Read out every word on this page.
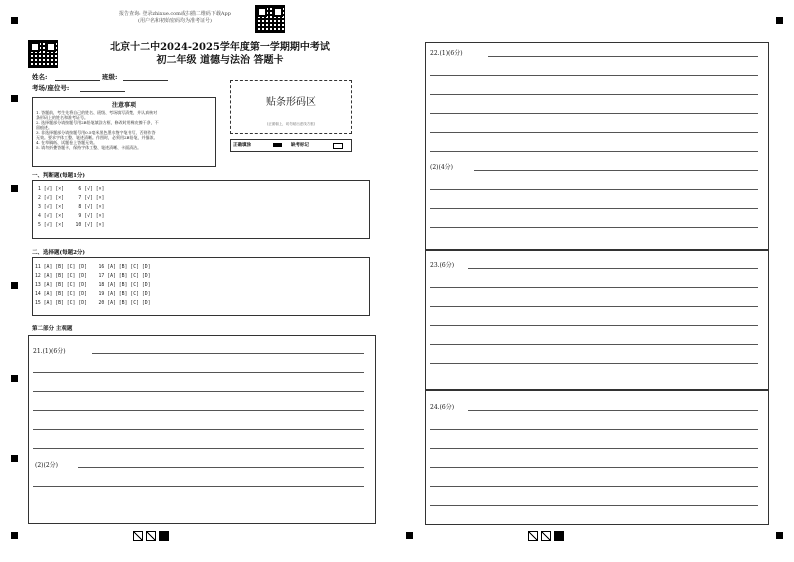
报告查询: 登录zhixue.com或扫描二维码下载App
(用户名和初始密码均为准考证号)
北京十二中2024-2025学年度第一学期期中考试
初二年级 道德与法治 答题卡
姓名:	班级:
考场/座位号:
贴条形码区
(正面朝上，切勿贴出虚线方框)
正确填涂	缺考标记
注意事项
1. 答题前，考生先将自己的姓名、班级、考场填写清楚，并认真核对
条形码上的姓名和准考证号。
2. 选择题部分请按题号用2B铅笔填涂方框，修改时用橡皮擦干净，不
留痕迹。
3. 非选择题部分请按题号用0.5毫米黑色墨水签字笔书写，否则作答
无效。要求字体工整、笔迹清晰。作图时，必须用2B铅笔，并描浓。
4. 在草稿纸、试题卷上答题无效。
5. 请勿折叠答题卡，保持字体工整、笔迹清晰、卡面清洁。
一、判断题(每题1分)
1 [√] [×]     6 [√] [×]
2 [√] [×]     7 [√] [×]
3 [√] [×]     8 [√] [×]
4 [√] [×]     9 [√] [×]
5 [√] [×]    10 [√] [×]
二、选择题(每题2分)
11 [A] [B] [C] [D]    16 [A] [B] [C] [D]
12 [A] [B] [C] [D]    17 [A] [B] [C] [D]
13 [A] [B] [C] [D]    18 [A] [B] [C] [D]
14 [A] [B] [C] [D]    19 [A] [B] [C] [D]
15 [A] [B] [C] [D]    20 [A] [B] [C] [D]
第二部分 主观题
21.(1)(6分)
(2)(2分)
22.(1)(6分)
(2)(4分)
23.(6分)
24.(6分)
